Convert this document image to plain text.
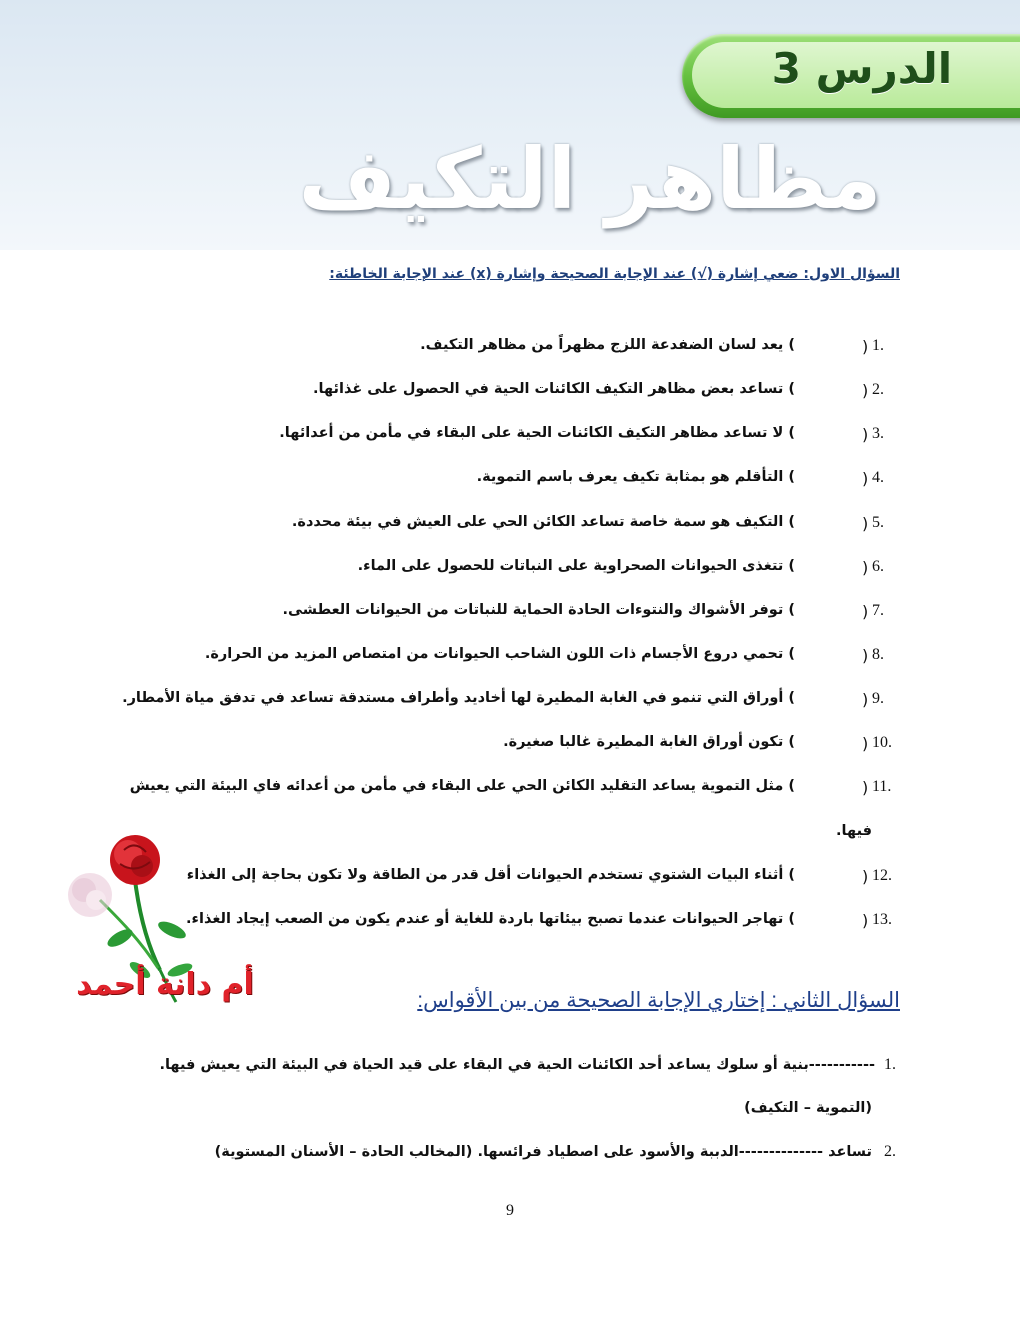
الدرس 3
مظاهر التكيف
السؤال الاول: ضعي إشارة (√) عند الإجابة الصحيحة وإشارة (x) عند الإجابة الخاطئة:
1.
(
) يعد لسان الضفدعة اللزج مظهراً من مظاهر التكيف.
2.
(
) تساعد بعض مظاهر التكيف الكائنات الحية في الحصول على غذائها.
3.
(
) لا تساعد مظاهر التكيف الكائنات الحية على البقاء في مأمن من أعدائها.
4.
(
) التأقلم هو بمثابة تكيف يعرف باسم التموية.
5.
(
) التكيف هو سمة خاصة تساعد الكائن الحي على العيش في بيئة محددة.
6.
(
) تتغذى الحيوانات الصحراوية على النباتات للحصول على الماء.
7.
(
) توفر الأشواك والنتوءات الحادة الحماية للنباتات من الحيوانات العطشى.
8.
(
) تحمي دروع الأجسام ذات اللون الشاحب الحيوانات من امتصاص المزيد من الحرارة.
9.
(
) أوراق التي تنمو في الغابة المطيرة لها أخاديد وأطراف مستدقة تساعد في تدفق مياة الأمطار.
10.
(
) تكون أوراق الغابة المطيرة غالبا صغيرة.
11.
(
) مثل التموية يساعد التقليد الكائن الحي على البقاء في مأمن من أعدائه فاي البيئة التي يعيش
فيها.
12.
(
) أثناء البيات الشتوي تستخدم الحيوانات أقل قدر من الطاقة ولا تكون بحاجة إلى الغذاء
13.
(
) تهاجر الحيوانات عندما تصبح بيئاتها باردة للغاية أو عندم يكون من الصعب إيجاد الغذاء.
أم دانة أحمد	السؤال الثاني : إختاري الإجابة الصحيحة من بين الأقواس:
1.
-----------بنية أو سلوك يساعد أحد الكائنات الحية في البقاء على قيد الحياة في البيئة التي يعيش فيها.
(التموية – التكيف)
2.
تساعد --------------الدببة والأسود على اصطياد فرائسها. (المخالب الحادة – الأسنان المستوية)
9
